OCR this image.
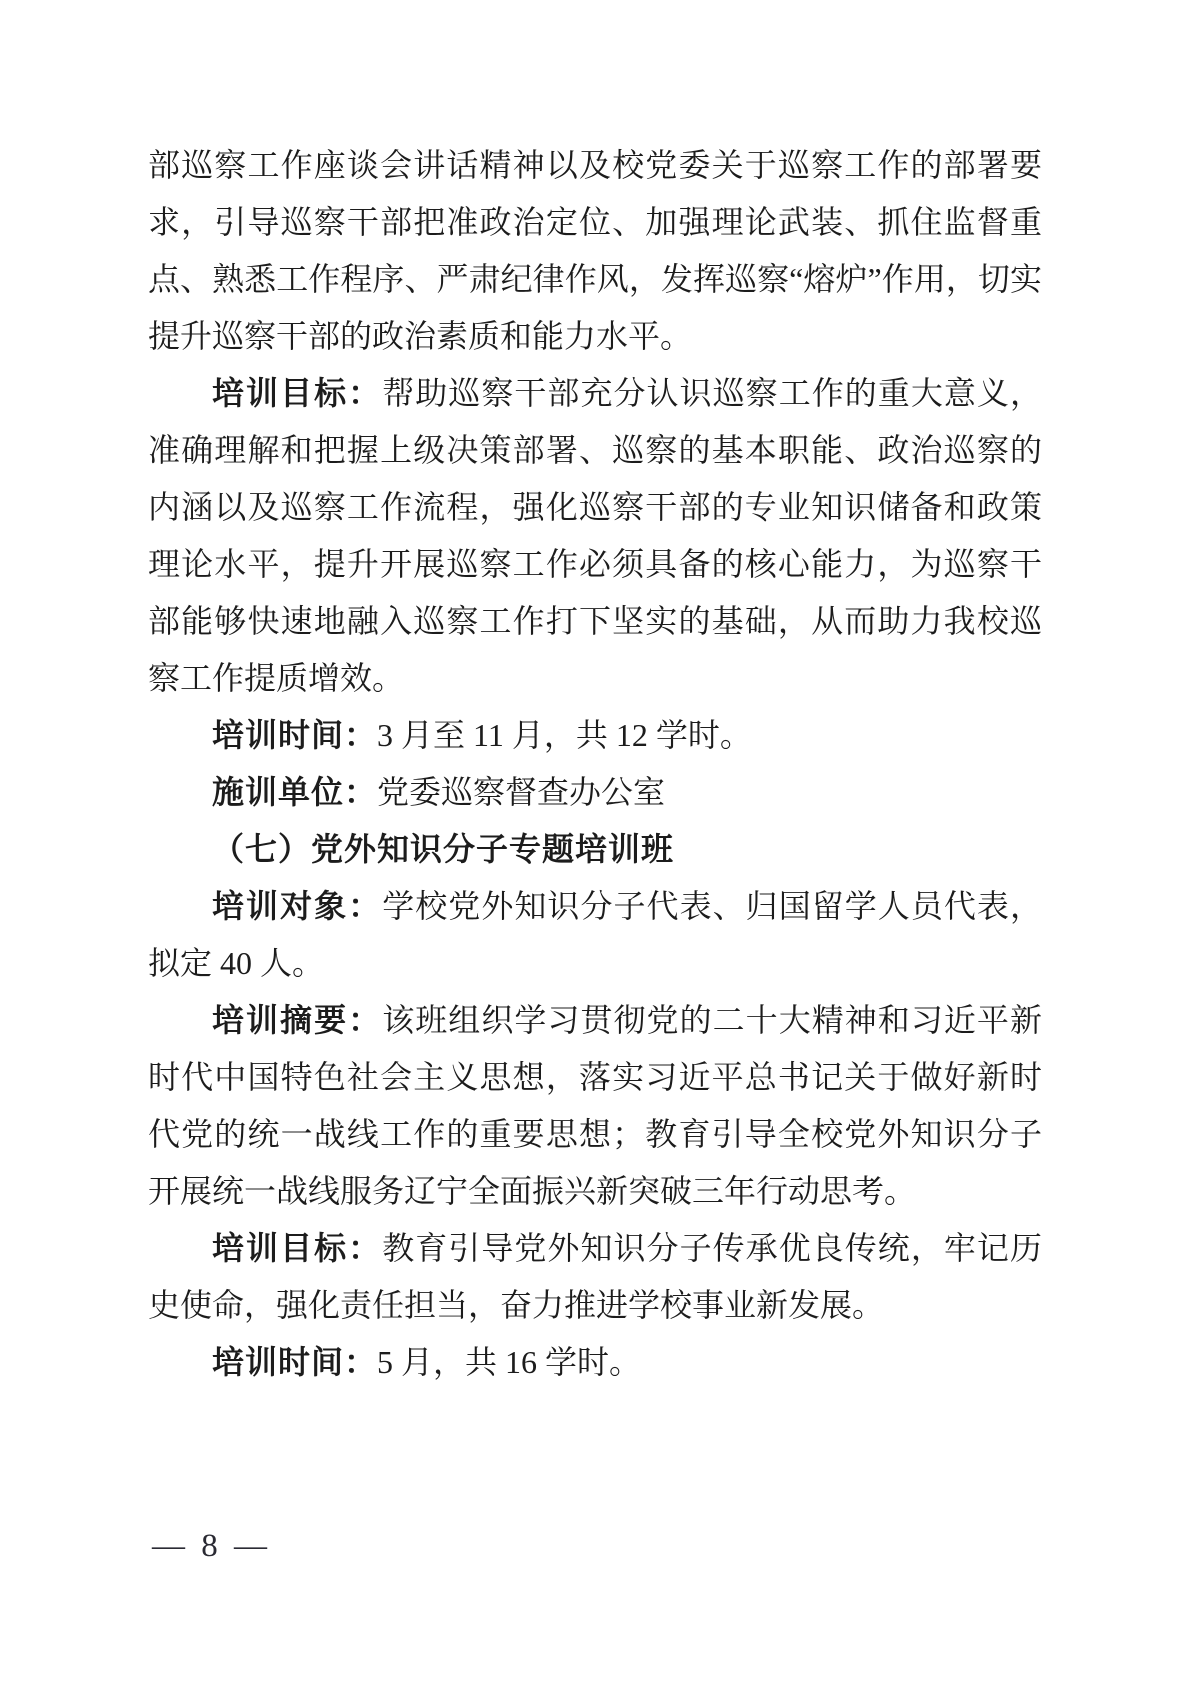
部巡察工作座谈会讲话精神以及校党委关于巡察工作的部署要求，引导巡察干部把准政治定位、加强理论武装、抓住监督重点、熟悉工作程序、严肃纪律作风，发挥巡察“熔炉”作用，切实提升巡察干部的政治素质和能力水平。

培训目标：帮助巡察干部充分认识巡察工作的重大意义，准确理解和把握上级决策部署、巡察的基本职能、政治巡察的内涵以及巡察工作流程，强化巡察干部的专业知识储备和政策理论水平，提升开展巡察工作必须具备的核心能力，为巡察干部能够快速地融入巡察工作打下坚实的基础，从而助力我校巡察工作提质增效。

培训时间：3 月至 11 月，共 12 学时。

施训单位：党委巡察督查办公室

（七）党外知识分子专题培训班

培训对象：学校党外知识分子代表、归国留学人员代表，拟定 40 人。

培训摘要：该班组织学习贯彻党的二十大精神和习近平新时代中国特色社会主义思想，落实习近平总书记关于做好新时代党的统一战线工作的重要思想；教育引导全校党外知识分子开展统一战线服务辽宁全面振兴新突破三年行动思考。

培训目标：教育引导党外知识分子传承优良传统，牢记历史使命，强化责任担当，奋力推进学校事业新发展。

培训时间：5 月，共 16 学时。

— 8 —
